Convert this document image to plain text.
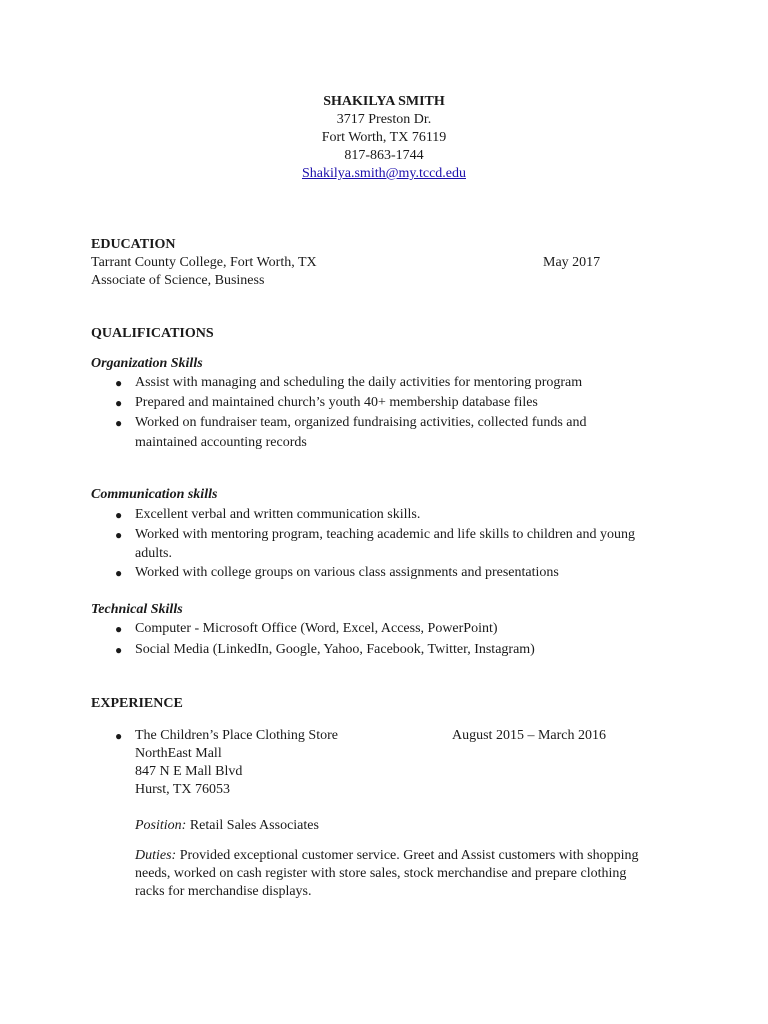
SHAKILYA SMITH
3717 Preston Dr.
Fort Worth, TX 76119
817-863-1744
Shakilya.smith@my.tccd.edu
EDUCATION
Tarrant County College, Fort Worth, TX	May 2017
Associate of Science, Business
QUALIFICATIONS
Organization Skills
● Assist with managing and scheduling the daily activities for mentoring program
● Prepared and maintained church’s youth 40+ membership database files
● Worked on fundraiser team, organized fundraising activities, collected funds and
maintained accounting records
Communication skills
● Excellent verbal and written communication skills.
● Worked with mentoring program, teaching academic and life skills to children and young
adults.
● Worked with college groups on various class assignments and presentations
Technical Skills
● Computer - Microsoft Office (Word, Excel, Access, PowerPoint)
● Social Media (LinkedIn, Google, Yahoo, Facebook, Twitter, Instagram)
EXPERIENCE
● The Children’s Place Clothing Store	August 2015 – March 2016
NorthEast Mall
847 N E Mall Blvd
Hurst, TX 76053
Position: Retail Sales Associates
Duties: Provided exceptional customer service. Greet and Assist customers with shopping
needs, worked on cash register with store sales, stock merchandise and prepare clothing
racks for merchandise displays.
